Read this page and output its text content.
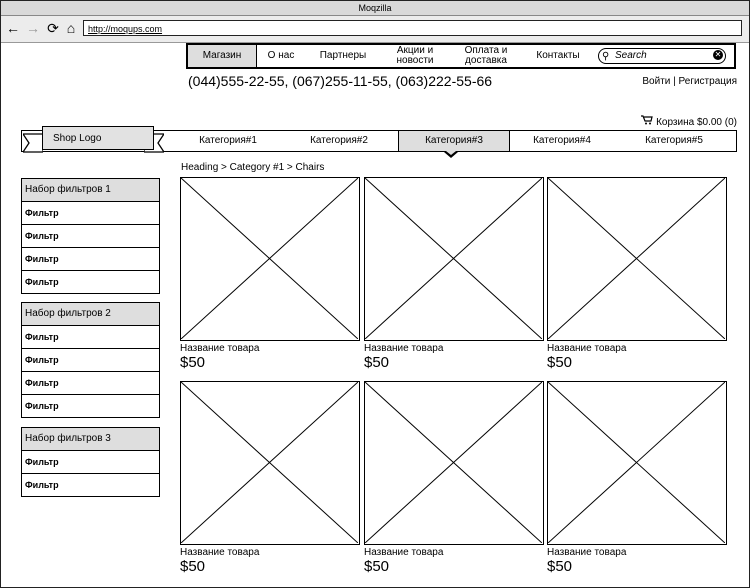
Moqzilla
← → ⟳ ⌂	http://moqups.com
Магазин	О нас	Партнеры	Акции и новости
Оплата и доставка	Контакты	⚲ Search	✕
(044)555-22-55, (067)255-11-55, (063)222-55-66	Войти | Регистрация
Корзина $0.00 (0)
Shop Logo	Категория#1	Категория#2	Категория#3	Категория#4	Категория#5
Heading > Category #1 > Chairs
Набор фильтров 1
Фильтр
Фильтр
Фильтр
Фильтр
Набор фильтров 2
Фильтр
Фильтр
Фильтр
Фильтр
Набор фильтров 3
Фильтр
Фильтр
Название товара
$50
Название товара
$50
Название товара
$50
Название товара
$50
Название товара
$50
Название товара
$50
